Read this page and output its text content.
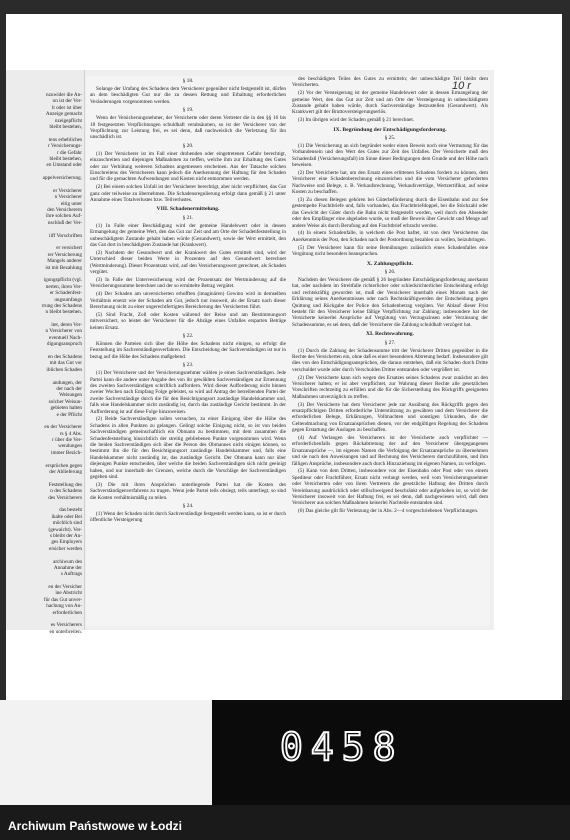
nzuwider die An-
on ist der Ver-
lt oder ist über
Anzeige gemacht
nzeigepflicht
bleibt bestehen,
tens erhebliches
r Versicherungs-
r die Gefahr
bleibt bestehen,
en Umstand oder
appelversicherung.
er Versicherer
n Versicherer
eitig unter
den Versicherern
ihre solchen Auf-
nschluß der Ver-
iiff Vorschriften
er versichert
rer Versicherung
Mangels anderer
ist mit Bezahlung
igungspflicht (vgl.
nerten, ihren Ver-
er Schadenfest-
ungsumfangs
rrung des Schadens
n bleibt bestehen.
itet, deren Ver-
n Versicherer von
eventuell Nach-
digungsanspruch
en des Schadens
mit das Gut vor
iblichen Schaden
andungen, der
der nach der
Weisungen
solcher Weisun-
gebieten halten
e der Pflicht
en der Versicherer
rs § 4 Abs.
r über die Ver-
wendungen
immer Bezich-
ersprüchen gegen
der Ablieferung
Feststellung des
n des Schadens
des Versicherers
das besteht
ihalte oder Bei
möchlich sind
(gewaicht). Ver-
s bleibt der An-
ges Employers
ersicher werden
archiwum des
Annahme der
s Auftrags
en der Versicher
ine Abstricht
für das Gut unver-
hachung von An-
erforderlichen
es Versicherers
en unterbreiten.

§ 18.

Solange der Umfang des Schadens dem Versicherer gegenüber nicht festgestellt ist, dürfen an dem beschädigten Gut nur die zu dessen Rettung und Erhaltung erforderlichen Veränderungen vorgenommen werden.

§ 19.

Wenn der Versicherungsnehmer, der Versicherte oder deren Vertreter die in den §§ 16 bis 18 festgesetzten Verpflichtungen schuldhaft verabsäumen, so ist der Versicherer von der Verpflichtung zur Leistung frei, es sei denn, daß nachweislich die Verletzung für ihn unschädlich ist.

§ 20.

(1) Der Versicherer ist im Fall einer drohenden oder eingetretenen Gefahr berechtigt, einzuschreiten und diejenigen Maßnahmen zu treffen, welche ihm zur Erhaltung des Gutes oder zur Verhütung weiteren Schadens angemessen erscheinen. Aus der Tatsache solchen Einschreitens des Versicherers kann jedoch die Anerkennung der Haftung für den Schaden und für die gemachten Aufwendungen und Kosten nicht entnommen werden.

(2) Bei einem solchen Unfall ist der Versicherer berechtigt, aber nicht verpflichtet, das Gut ganz oder teilweise zu übernehmen. Die Schadensregulierung erfolgt dann gemäß § 21 unter Annahme eines Totalverlustes bzw. Teilverlustes.

VIII. Schadenermittelung.

§ 21.

(1) In Falle einer Beschädigung wird der gemeine Handelswert oder in dessen Ermangelung der gemeine Wert, den das Gut zur Zeit und am Orte der Schadenfeststellung in unbeschädigtem Zustande gehabt haben würde (Gesundwert), sowie der Wert ermittelt, den das Gut dort in beschädigtem Zustande hat (Krankwert).

(2) Nachdem der Gesundwert und der Krankwert des Gutes ermittelt sind, wird der Unterschied dieser beiden Werte in Prozenten auf den Gesundwert berechnet (Wertminderung). Dieser Prozentsatz wird, auf den Versicherungswert gerechnet, als Schaden vergütet.

(3) In Falle der Untervesicherung wird der Prozentsatz der Wertminderung auf die Versicherungssumme berechnet und der so ermittelte Betrag vergütet.

(4) Der Schaden am unversicherten erhofften (imaginären) Gewinn wird in demselben Verhältnis ersetzt wie der Schaden am Gut, jedoch nur insoweit, als der Ersatz nach dieser Berechnung nicht zu einer ungerechtfertigten Bereicherung des Versicherten führt.

(5) Sind Fracht, Zoll oder Kosten während der Reise und am Bestimmungsort mitversichert, so leistet der Versicherer für die Abzüge eines Unfalles ersparten Beträge keinen Ersatz.

§ 22.

Können die Parteien sich über die Höhe des Schadens nicht einigen, so erfolgt die Feststellung im Sachverständigenverfahren. Die Entscheidung der Sachverständigen ist nur in bezug auf die Höhe des Schadens maßgebend.

§ 23.

(1) Der Versicherer und der Versicherungsnehmer wählen je einen Sachverständigen. Jede Partei kann die andere unter Angabe des von ihr gewählten Sachverständigen zur Ernennung des zweiten Sachverständigen schriftlich auffordern. Wird dieser Aufforderung nicht binnen zweier Wochen nach Empfang Folge geleistet, so wird auf Antrag der betreibenden Partei der zweite Sachverständige durch die für den Besichtigungsort zuständige Handelskammer und, falls eine Handelskammer nicht zuständig ist, durch das zuständige Gericht bestimmt. In der Aufforderung ist auf diese Folge hinzuweisen.

(2) Beide Sachverständigen sollen versuchen, zu einer Einigung über die Höhe des Schadens in allen Punkten zu gelangen. Gelingt solche Einigung nicht, so ist von beiden Sachverständigen gemeinschaftlich ein Obmann zu bestimmen, mit dem zusammen die Schadenfeststellung hinsichtlich der streitig gebliebenen Punkte vorgenommen wird. Wenn die beiden Sachverständigen sich über die Person des Obmannes nicht einigen können, so bestimmt ihn die für den Besichtigungsort zuständige Handelskammer und, falls eine Handelskammer nicht zuständig ist, das zuständige Gericht. Der Obmann kann nur über diejenigen Punkte entscheiden, über welche die beiden Sachverständigen sich nicht geeinigt haben, und nur innerhalb der Grenzen, welche durch die Vorschläge der Sachverständigen gegeben sind.

(3) Die mit ihren Ansprüchen unterliegende Partei hat die Kosten des Sachverständigenverfahrens zu tragen. Wenn jede Partei teils obsiegt, teils unterliegt, so sind die Kosten verhältnismäßig zu teilen.

§ 24.

(1) Wenn der Schaden nicht durch Sachverständige festgestellt werden kann, so ist er durch öffentliche Versteigerung

des beschädigten Teiles des Gutes zu ermitteln; der unbeschädigte Teil bleibt dem Versicherten.

(2) Vor der Versteigerung ist der gemeine Handelswert oder in dessen Ermangelung der gemeine Wert, den das Gut zur Zeit und am Orte der Versteigerung in unbeschädigtem Zustande gehabt haben würde, durch Sachverständige festzustellen (Gesundwert). Als Krankwert gilt der Bruttoversteigerungserlös.

(3) Im übrigen wird der Schaden gemäß § 21 berechnet.

IX. Begründung der Entschädigungsforderung.

§ 25.

(1) Die Versicherung an sich begründet weder einen Beweis noch eine Vermutung für das Vorhandensein und den Wert des Gutes zur Zeit des Unfalles. Der Versicherte muß den Schadenfall (Versicherungsfall) im Sinne dieser Bedingungen dem Grunde und der Höhe nach beweisen.

(2) Der Versicherte hat, um den Ersatz eines erlittenen Schadens fordern zu können, dem Versicherer eine Schadenberechnung einzureichen und die vom Versicherer geforderten Nachweise und Belege, z. B. Verkaufsrechnung, Verkaufsverträge, Wertzertifikat, auf seine Kosten zu beschaffen.

(3) Zu diesen Belegen gehören bei Güterbeförderung durch die Eisenbahn und zur See gestempelte Frachtbriefe und, falls vorhanden, das Frachtbriefdoppel, bei die Stückzahl oder das Gewicht der Güter durch die Bahn nicht festgestellt worden, weil durch den Absender oder den Empfänger eine abgeladen wurde, so muß der Beweis über Gewicht und Menge auf andere Weise als durch Berufung auf den Frachtbrief erbracht werden.

(4) In einem Schadenfalle, in welchem die Post haftet, ist von dem Versicherten das Anerkenntnis der Post, den Schaden nach der Postordnung bezahlen zu wollen, beizubringen.

(5) Der Versicherer kann für seine Bemühungen zulässlich eines Schadenfalles eine Vergütung nicht besonders beanspruchen.

X. Zahlungspflicht.

§ 26.

Nachdem der Versicherer die gemäß § 26 begründete Entschädigungsforderung anerkannt hat, oder nachdem im Streitfalle richterlicher oder schiedsrichterlicher Entscheidung erfolgt und rechtskräftig geworden ist, muß der Versicherer innerhalb eines Monats nach der Erklärung seines Anerkenntnisses oder nach Rechtskräftigwerden der Entscheidung gegen Quittung und Rückgabe der Police den Schadenbetrag vergüten. Vor Ablauf dieser Frist besteht für den Versicherer keine fällige Verpflichtung zur Zahlung; insbesondere hat der Versicherte keinerlei Ansprüche auf Vergütung von Verzugszinsen oder Verzinsung der Schadensumme, es sei denn, daß der Versicherer die Zahlung schuldhaft verzögert hat.

XI. Rechtswahrung.

§ 27.

(1) Durch die Zahlung der Schadensumme tritt der Versicherer Dritten gegenüber in die Rechte des Versicherten ein, ohne daß es einer besonderen Abtretung bedarf. Insbesondere gilt dies von den Entschädigungsansprüchen, die daraus entstehen, daß ein Schaden durch Dritte verschuldet wurde oder durch Verschulden Dritter entstanden oder vergrößert ist.

(2) Der Versicherte kann sich wegen des Ersatzes seines Schadens zwar zunächst an den Versicherer halten; er ist aber verpflichtet, zur Wahrung dieser Rechte alle gesetzlichen Vorschriften rechtzeitig zu erfüllen und die für die Sicherstellung des Rückgriffs geeigneten Maßnahmen unverzüglich zu treffen.

(3) Der Versicherte hat dem Versicherer jede zur Ausübung des Rückgriffs gegen den ersatzpflichtigen Dritten erforderliche Unterstützung zu gewähren und dem Versicherer die erforderlichen Belege, Erklärungen, Vollmachten und sonstigen Urkunden, die der Geltendmachung von Ersatzansprüchen dienen, vor der endgültigen Regelung des Schadens gegen Erstattung der Auslagen zu beschaffen.

(4) Auf Verlangen des Versicherers ist der Versicherte auch verpflichtet — erforderlichenfalls gegen Rückabtretung der auf den Versicherer übergegangenen Ersatzansprüche —, im eigenen Namen die Verfolgung der Ersatzansprüche zu übernehmen und sie nach den Anweisungen und auf Rechnung des Versicherers durchzuführen, und ihm fälligen Ansprüche, insbesondere auch durch Hinzuziehung im eigenen Namen, zu verfolgen.

(5) Kann von dem Dritten, insbesondere von der Eisenbahn oder Post oder von einem Spediteur oder Frachtführer, Ersatz nicht verlangt werden, weil vom Versicherungsnehmer oder Versicherten oder von ihren Vertretern die gesetzliche Haftung des Dritten durch Vereinbarung ausdrücklich oder stillschweigend beschränkt oder aufgehoben ist, so wird der Versicherer insoweit von der Haftung frei, es sei denn, daß nachgewiesen wird, daß dem Versicherer aus solchen Maßnahmen keinerlei Nachteile entstanden sind.

(6) Das gleiche gilt für Verletzung der in Abs. 2—4 vorgeschriebenen Verpflichtungen.

10 r
0458
Archiwum Państwowe w Łodzi
